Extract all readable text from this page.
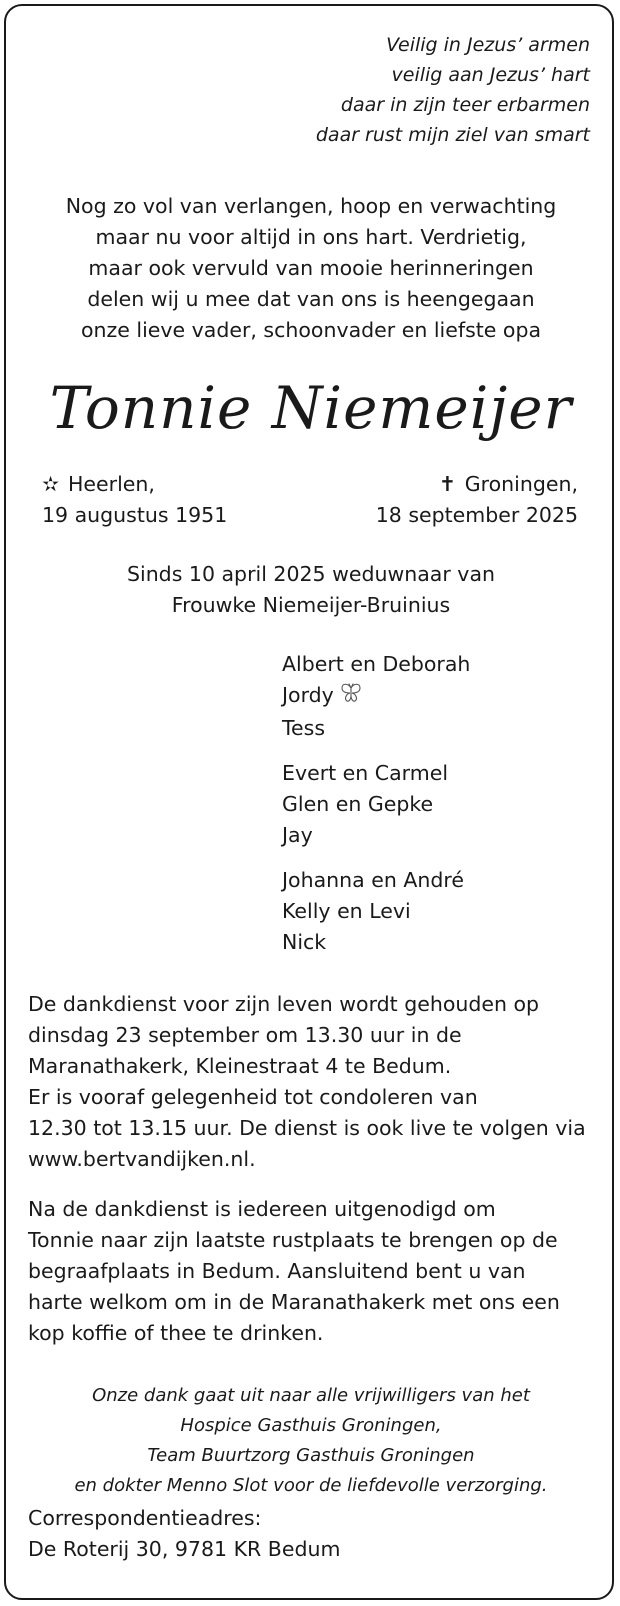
Veilig in Jezus’ armen
veilig aan Jezus’ hart
daar in zijn teer erbarmen
daar rust mijn ziel van smart
Nog zo vol van verlangen, hoop en verwachting
maar nu voor altijd in ons hart. Verdrietig,
maar ook vervuld van mooie herinneringen
delen wij u mee dat van ons is heengegaan
onze lieve vader, schoonvader en liefste opa
Tonnie Niemeijer
✫ Heerlen,
19 augustus 1951
✝ Groningen,
18 september 2025
Sinds 10 april 2025 weduwnaar van
Frouwke Niemeijer-Bruinius
Albert en Deborah
Jordy
Tess
Evert en Carmel
Glen en Gepke
Jay
Johanna en André
Kelly en Levi
Nick
De dankdienst voor zijn leven wordt gehouden op
dinsdag 23 september om 13.30 uur in de
Maranathakerk, Kleinestraat 4 te Bedum.
Er is vooraf gelegenheid tot condoleren van
12.30 tot 13.15 uur. De dienst is ook live te volgen via
www.bertvandijken.nl.
Na de dankdienst is iedereen uitgenodigd om
Tonnie naar zijn laatste rustplaats te brengen op de
begraafplaats in Bedum. Aansluitend bent u van
harte welkom om in de Maranathakerk met ons een
kop koffie of thee te drinken.
Onze dank gaat uit naar alle vrijwilligers van het
Hospice Gasthuis Groningen,
Team Buurtzorg Gasthuis Groningen
en dokter Menno Slot voor de liefdevolle verzorging.
Correspondentieadres:
De Roterij 30, 9781 KR Bedum
